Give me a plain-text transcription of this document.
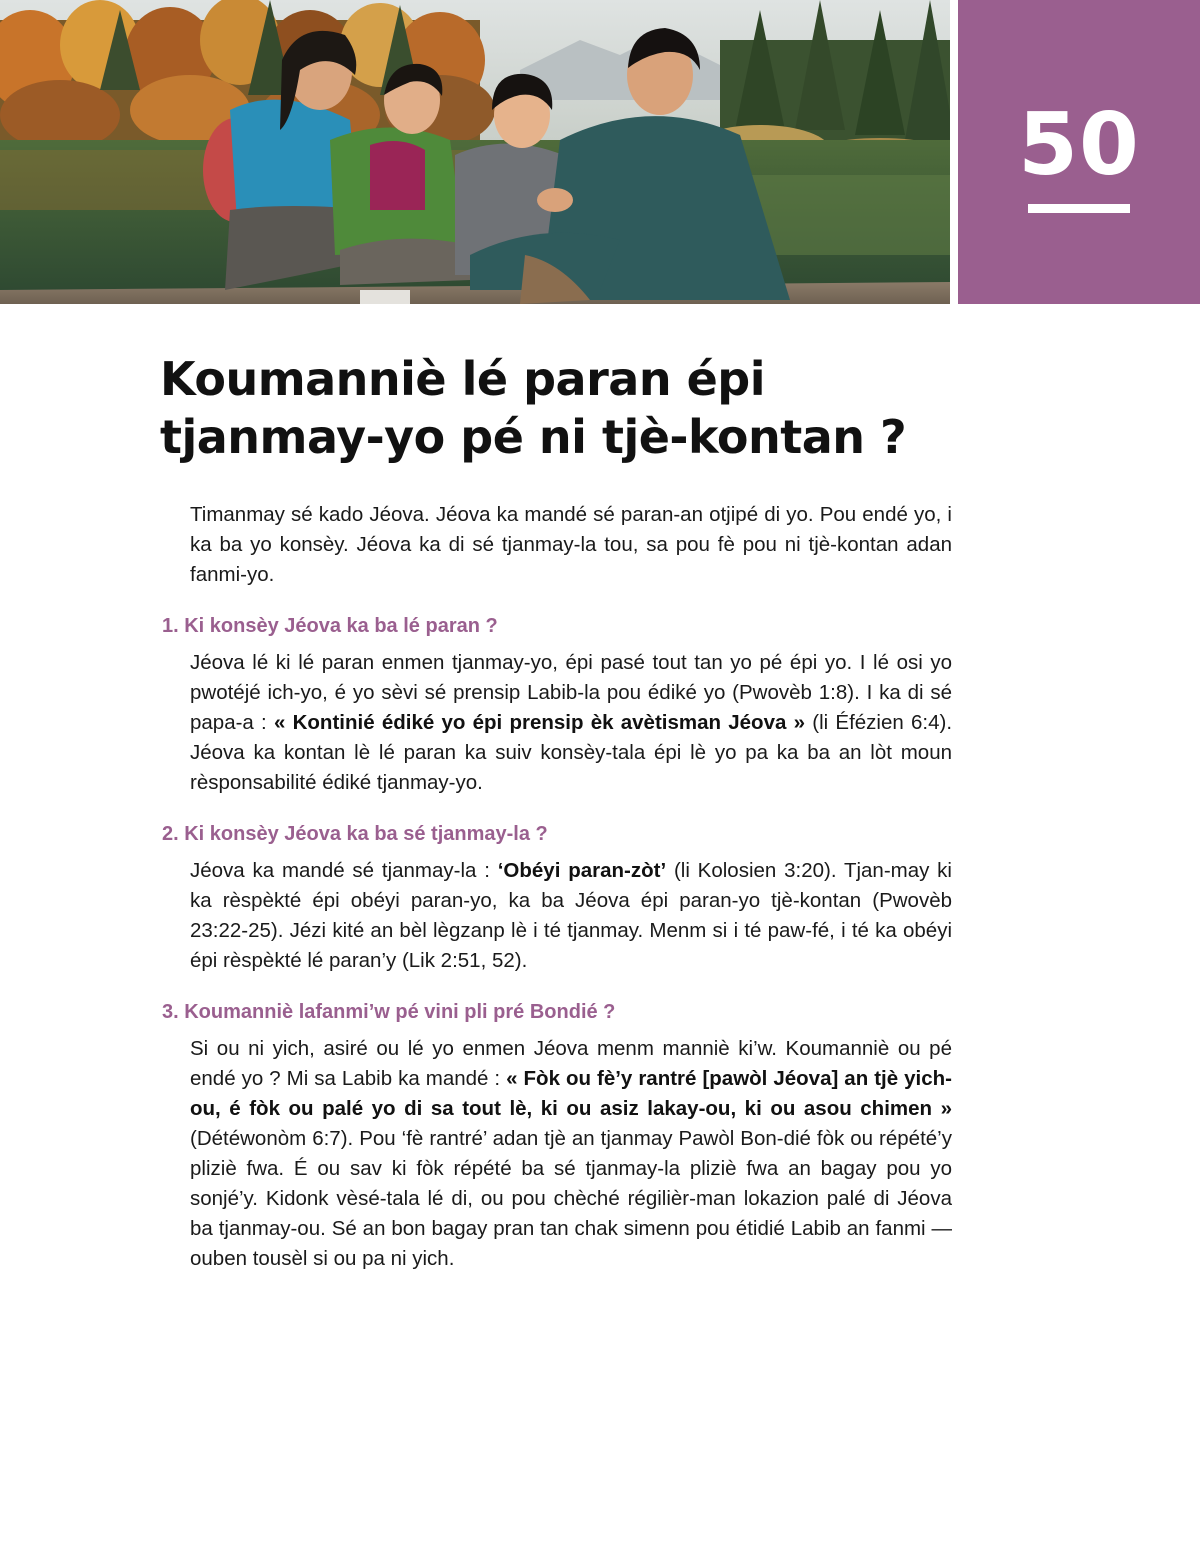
50
Koumanniè lé paran épi
tjanmay-yo pé ni tjè-kontan ?

Timanmay sé kado Jéova. Jéova ka mandé sé paran-an otjipé di yo. Pou endé yo, i ka ba yo konsèy. Jéova ka di sé tjanmay-la tou, sa pou fè pou ni tjè-kontan adan fanmi-yo.

1. Ki konsèy Jéova ka ba lé paran ?

Jéova lé ki lé paran enmen tjanmay-yo, épi pasé tout tan yo pé épi yo. I lé osi yo pwotéjé ich-yo, é yo sèvi sé prensip Labib-la pou édiké yo (Pwovèb 1:8). I ka di sé papa-a : « Kontinié édiké yo épi prensip èk avètisman Jéova » (li Éfézien 6:4). Jéova ka kontan lè lé paran ka suiv konsèy-tala épi lè yo pa ka ba an lòt moun rèsponsabilité édiké tjanmay-yo.

2. Ki konsèy Jéova ka ba sé tjanmay-la ?

Jéova ka mandé sé tjanmay-la : ‘Obéyi paran-zòt’ (li Kolosien 3:20). Tjan-may ki ka rèspèkté épi obéyi paran-yo, ka ba Jéova épi paran-yo tjè-kontan (Pwovèb 23:22-25). Jézi kité an bèl lègzanp lè i té tjanmay. Menm si i té paw-fé, i té ka obéyi épi rèspèkté lé paran’y (Lik 2:51, 52).

3. Koumanniè lafanmi’w pé vini pli pré Bondié ?

Si ou ni yich, asiré ou lé yo enmen Jéova menm manniè ki’w. Koumanniè ou pé endé yo ? Mi sa Labib ka mandé : « Fòk ou fè’y rantré [pawòl Jéova] an tjè yich-ou, é fòk ou palé yo di sa tout lè, ki ou asiz lakay-ou, ki ou asou chimen » (Détéwonòm 6:7). Pou ‘fè rantré’ adan tjè an tjanmay Pawòl Bon-dié fòk ou répété’y pliziè fwa. É ou sav ki fòk répété ba sé tjanmay-la pliziè fwa an bagay pou yo sonjé’y. Kidonk vèsé-tala lé di, ou pou chèché régilièr-man lokazion palé di Jéova ba tjanmay-ou. Sé an bon bagay pran tan chak simenn pou étidié Labib an fanmi — ouben tousèl si ou pa ni yich.
